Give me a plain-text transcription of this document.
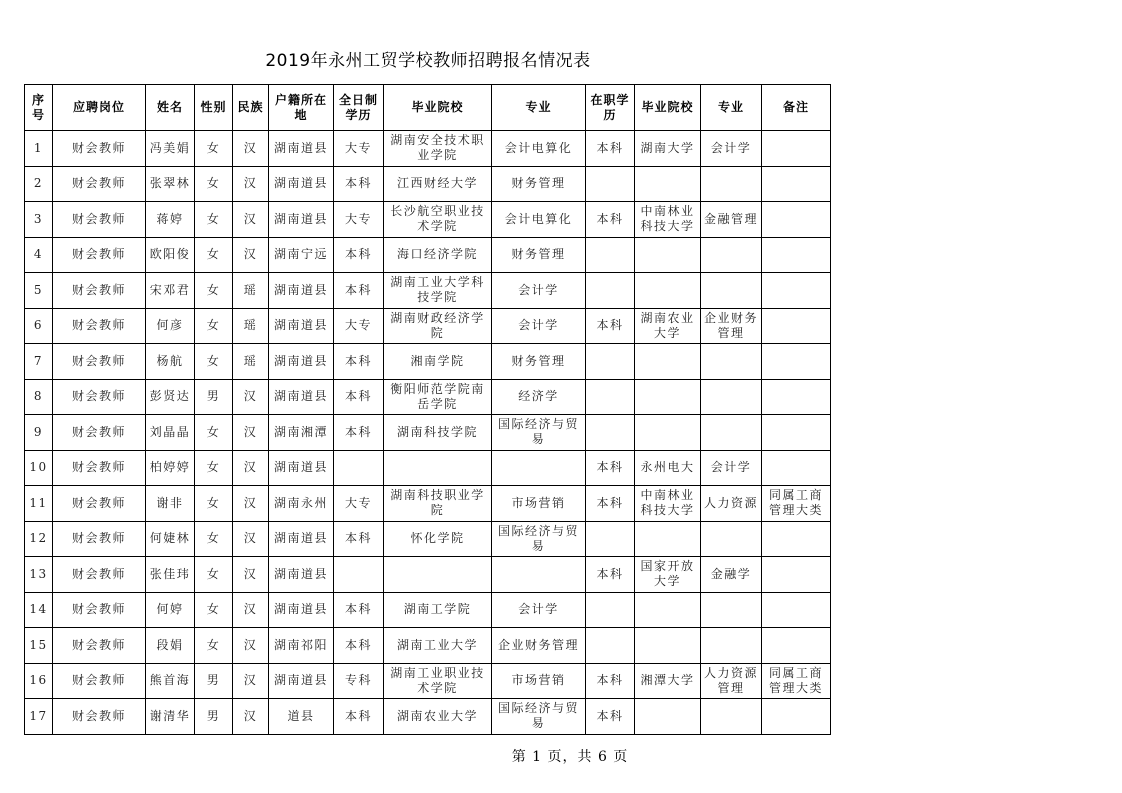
2019年永州工贸学校教师招聘报名情况表
序号	应聘岗位	姓名	性别	民族	户籍所在地	全日制学历	毕业院校	专业	在职学历	毕业院校	专业	备注
1	财会教师	冯美娟	女	汉	湖南道县	大专	湖南安全技术职业学院	会计电算化	本科	湖南大学	会计学	
2	财会教师	张翠林	女	汉	湖南道县	本科	江西财经大学	财务管理				
3	财会教师	蒋婷	女	汉	湖南道县	大专	长沙航空职业技术学院	会计电算化	本科	中南林业科技大学	金融管理	
4	财会教师	欧阳俊	女	汉	湖南宁远	本科	海口经济学院	财务管理				
5	财会教师	宋邓君	女	瑶	湖南道县	本科	湖南工业大学科技学院	会计学				
6	财会教师	何彦	女	瑶	湖南道县	大专	湖南财政经济学院	会计学	本科	湖南农业大学	企业财务管理	
7	财会教师	杨航	女	瑶	湖南道县	本科	湘南学院	财务管理				
8	财会教师	彭贤达	男	汉	湖南道县	本科	衡阳师范学院南岳学院	经济学				
9	财会教师	刘晶晶	女	汉	湖南湘潭	本科	湖南科技学院	国际经济与贸易				
10	财会教师	柏婷婷	女	汉	湖南道县				本科	永州电大	会计学	
11	财会教师	谢非	女	汉	湖南永州	大专	湖南科技职业学院	市场营销	本科	中南林业科技大学	人力资源	同属工商管理大类
12	财会教师	何婕林	女	汉	湖南道县	本科	怀化学院	国际经济与贸易				
13	财会教师	张佳玮	女	汉	湖南道县				本科	国家开放大学	金融学	
14	财会教师	何婷	女	汉	湖南道县	本科	湖南工学院	会计学				
15	财会教师	段娟	女	汉	湖南祁阳	本科	湖南工业大学	企业财务管理				
16	财会教师	熊首海	男	汉	湖南道县	专科	湖南工业职业技术学院	市场营销	本科	湘潭大学	人力资源管理	同属工商管理大类
17	财会教师	谢清华	男	汉	道县	本科	湖南农业大学	国际经济与贸易	本科			
第 1 页，共 6 页
